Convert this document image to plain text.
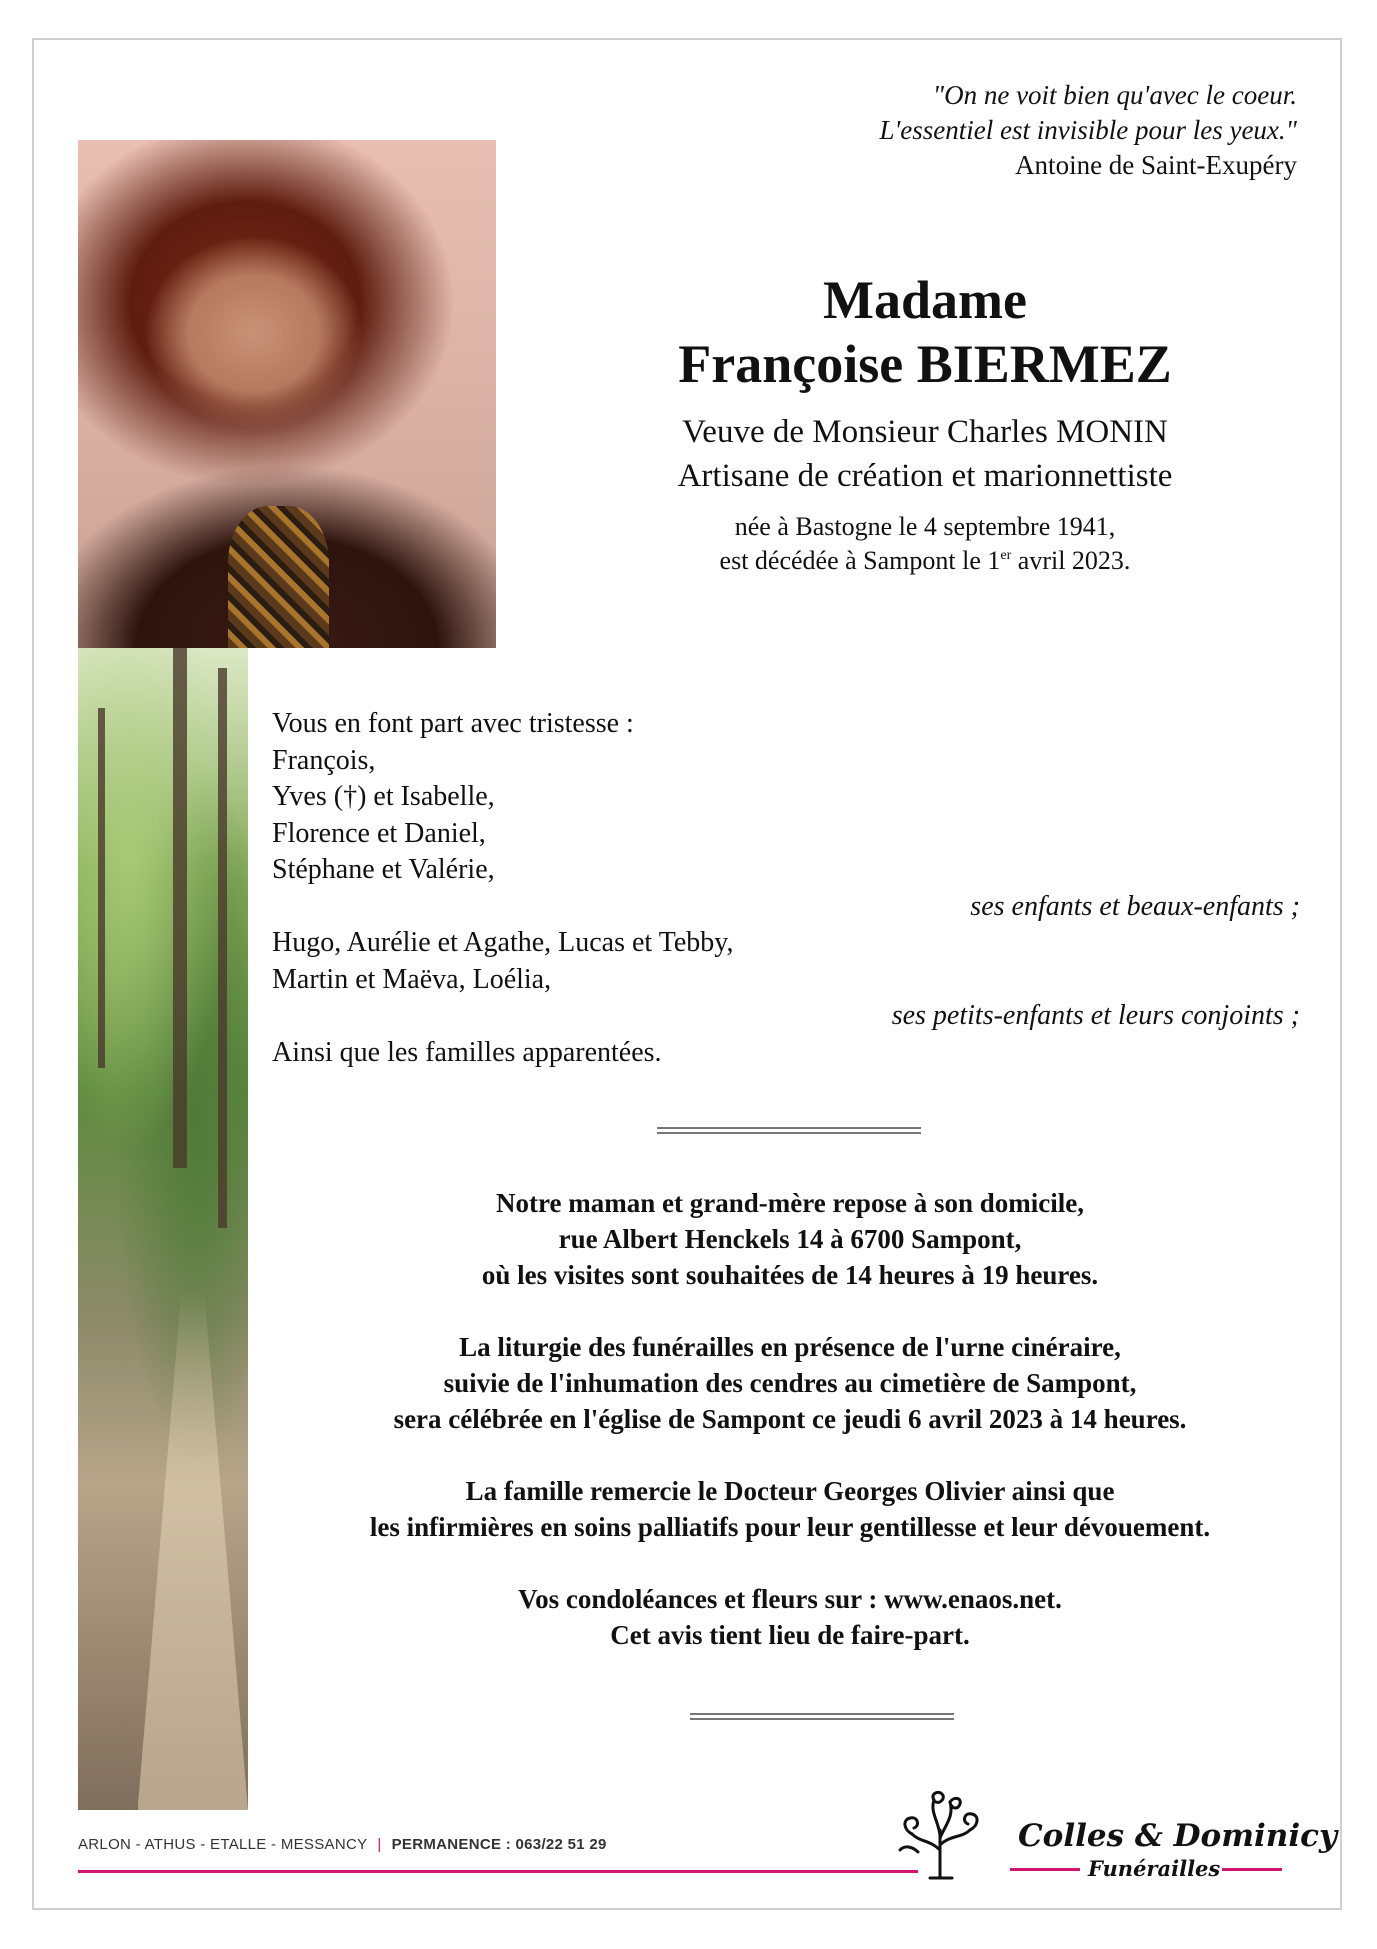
"On ne voit bien qu'avec le coeur.
L'essentiel est invisible pour les yeux."
Antoine de Saint-Exupéry
Madame
Françoise BIERMEZ
Veuve de Monsieur Charles MONIN
Artisane de création et marionnettiste
née à Bastogne le 4 septembre 1941,
est décédée à Sampont le 1er avril 2023.
Vous en font part avec tristesse :
François,
Yves (†) et Isabelle,
Florence et Daniel,
Stéphane et Valérie,
ses enfants et beaux-enfants ;
Hugo, Aurélie et Agathe, Lucas et Tebby,
Martin et Maëva, Loélia,
ses petits-enfants et leurs conjoints ;
Ainsi que les familles apparentées.

Notre maman et grand-mère repose à son domicile,
rue Albert Henckels 14 à 6700 Sampont,
où les visites sont souhaitées de 14 heures à 19 heures.

La liturgie des funérailles en présence de l'urne cinéraire,
suivie de l'inhumation des cendres au cimetière de Sampont,
sera célébrée en l'église de Sampont ce jeudi 6 avril 2023 à 14 heures.

La famille remercie le Docteur Georges Olivier ainsi que
les infirmières en soins palliatifs pour leur gentillesse et leur dévouement.

Vos condoléances et fleurs sur : www.enaos.net.
Cet avis tient lieu de faire-part.

ARLON - ATHUS - ETALLE - MESSANCY | PERMANENCE : 063/22 51 29	Colles & Dominicy
Funérailles
